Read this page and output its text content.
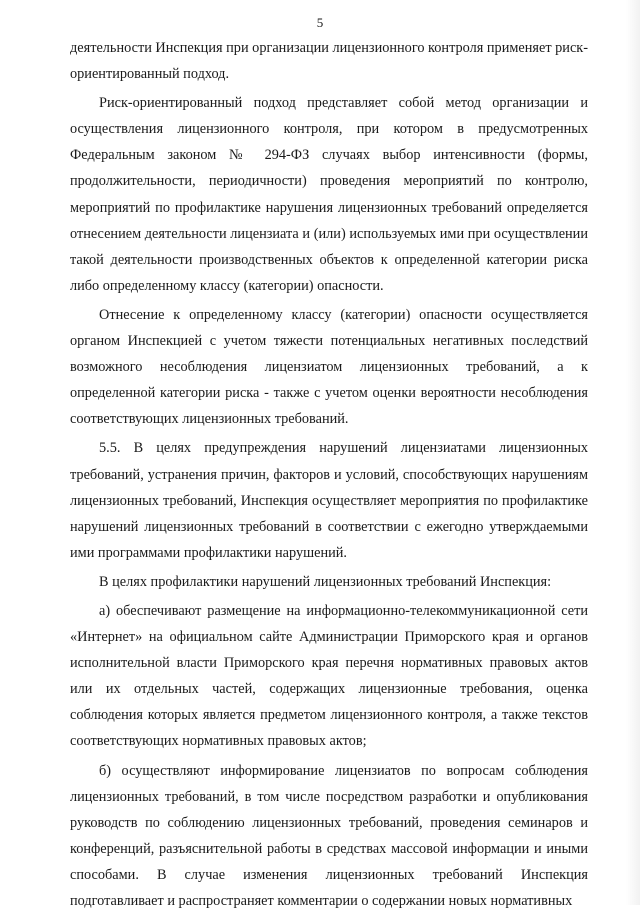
5

деятельности Инспекция при организации лицензионного контроля применяет риск-ориентированный подход.

Риск-ориентированный подход представляет собой метод организации и осуществления лицензионного контроля, при котором в предусмотренных Федеральным законом № 294-ФЗ случаях выбор интенсивности (формы, продолжительности, периодичности) проведения мероприятий по контролю, мероприятий по профилактике нарушения лицензионных требований определяется отнесением деятельности лицензиата и (или) используемых ими при осуществлении такой деятельности производственных объектов к определенной категории риска либо определенному классу (категории) опасности.

Отнесение к определенному классу (категории) опасности осуществляется органом Инспекцией с учетом тяжести потенциальных негативных последствий возможного несоблюдения лицензиатом лицензионных требований, а к определенной категории риска - также с учетом оценки вероятности несоблюдения соответствующих лицензионных требований.

5.5. В целях предупреждения нарушений лицензиатами лицензионных требований, устранения причин, факторов и условий, способствующих нарушениям лицензионных требований, Инспекция осуществляет мероприятия по профилактике нарушений лицензионных требований в соответствии с ежегодно утверждаемыми ими программами профилактики нарушений.

В целях профилактики нарушений лицензионных требований Инспекция:

а) обеспечивают размещение на информационно-телекоммуникационной сети «Интернет» на официальном сайте Администрации Приморского края и органов исполнительной власти Приморского края перечня нормативных правовых актов или их отдельных частей, содержащих лицензионные требования, оценка соблюдения которых является предметом лицензионного контроля, а также текстов соответствующих нормативных правовых актов;

б) осуществляют информирование лицензиатов по вопросам соблюдения лицензионных требований, в том числе посредством разработки и опубликования руководств по соблюдению лицензионных требований, проведения семинаров и конференций, разъяснительной работы в средствах массовой информации и иными способами. В случае изменения лицензионных требований Инспекция подготавливает и распространяет комментарии о содержании новых нормативных
